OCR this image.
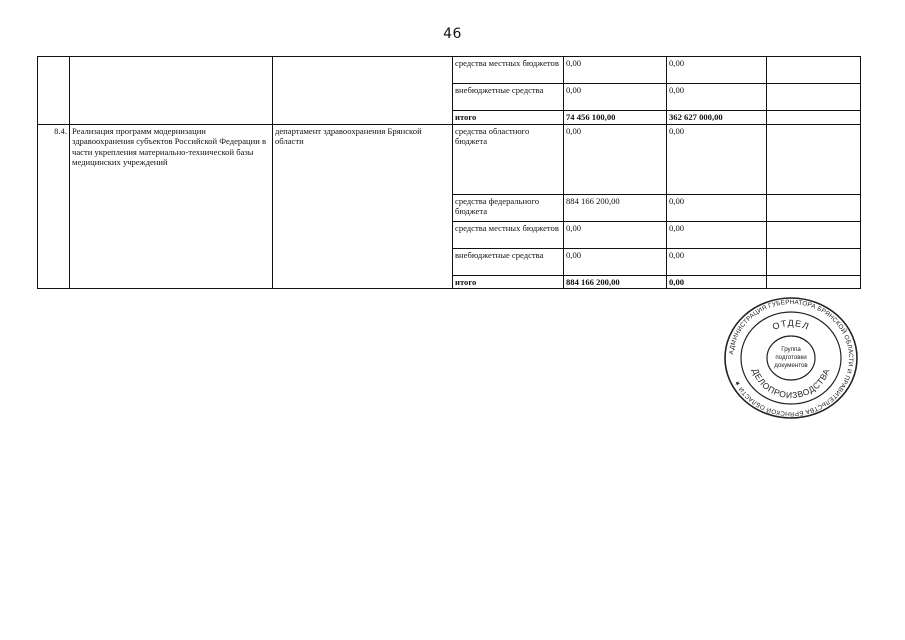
46
			средства местных бюджетов	0,00	0,00	
			внебюджетные средства	0,00	0,00	
			итого	74 456 100,00	362 627 000,00	
8.4.	Реализация программ модернизации здравоохранения субъектов Российской Федерации в части укрепления материально-технической базы медицинских учреждений	департамент здравоохранения Брянской области	средства областного бюджета	0,00	0,00	
			средства федерального бюджета	884 166 200,00	0,00	
			средства местных бюджетов	0,00	0,00	
			внебюджетные средства	0,00	0,00	
			итого	884 166 200,00	0,00	
АДМИНИСТРАЦИЯ ГУБЕРНАТОРА БРЯНСКОЙ ОБЛАСТИ И ПРАВИТЕЛЬСТВА БРЯНСКОЙ ОБЛАСТИ ★
ОТДЕЛ
ДЕЛОПРОИЗВОДСТВА
Группа
подготовки
документов
